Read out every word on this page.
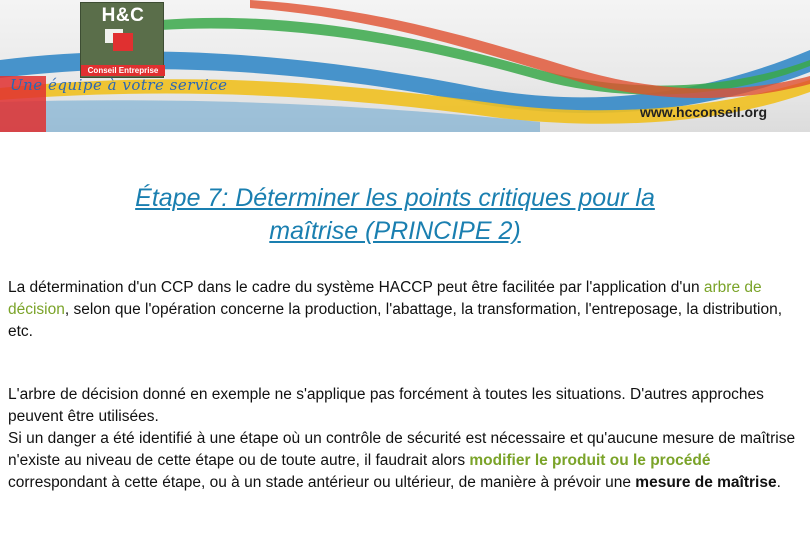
H&C
Conseil Entreprise
Une équipe à votre service
www.hcconseil.org
Étape 7: Déterminer les points critiques pour la
maîtrise (PRINCIPE 2)
La détermination d'un CCP dans le cadre du système HACCP peut être facilitée par l'application d'un arbre de décision, selon que l'opération concerne la production, l'abattage, la transformation, l'entreposage, la distribution, etc.
L'arbre de décision donné en exemple ne s'applique pas forcément à toutes les situations. D'autres approches peuvent être utilisées.
Si un danger a été identifié à une étape où un contrôle de sécurité est nécessaire et qu'aucune mesure de maîtrise n'existe au niveau de cette étape ou de toute autre, il faudrait alors modifier le produit ou le procédé correspondant à cette étape, ou à un stade antérieur ou ultérieur, de manière à prévoir une mesure de maîtrise.
